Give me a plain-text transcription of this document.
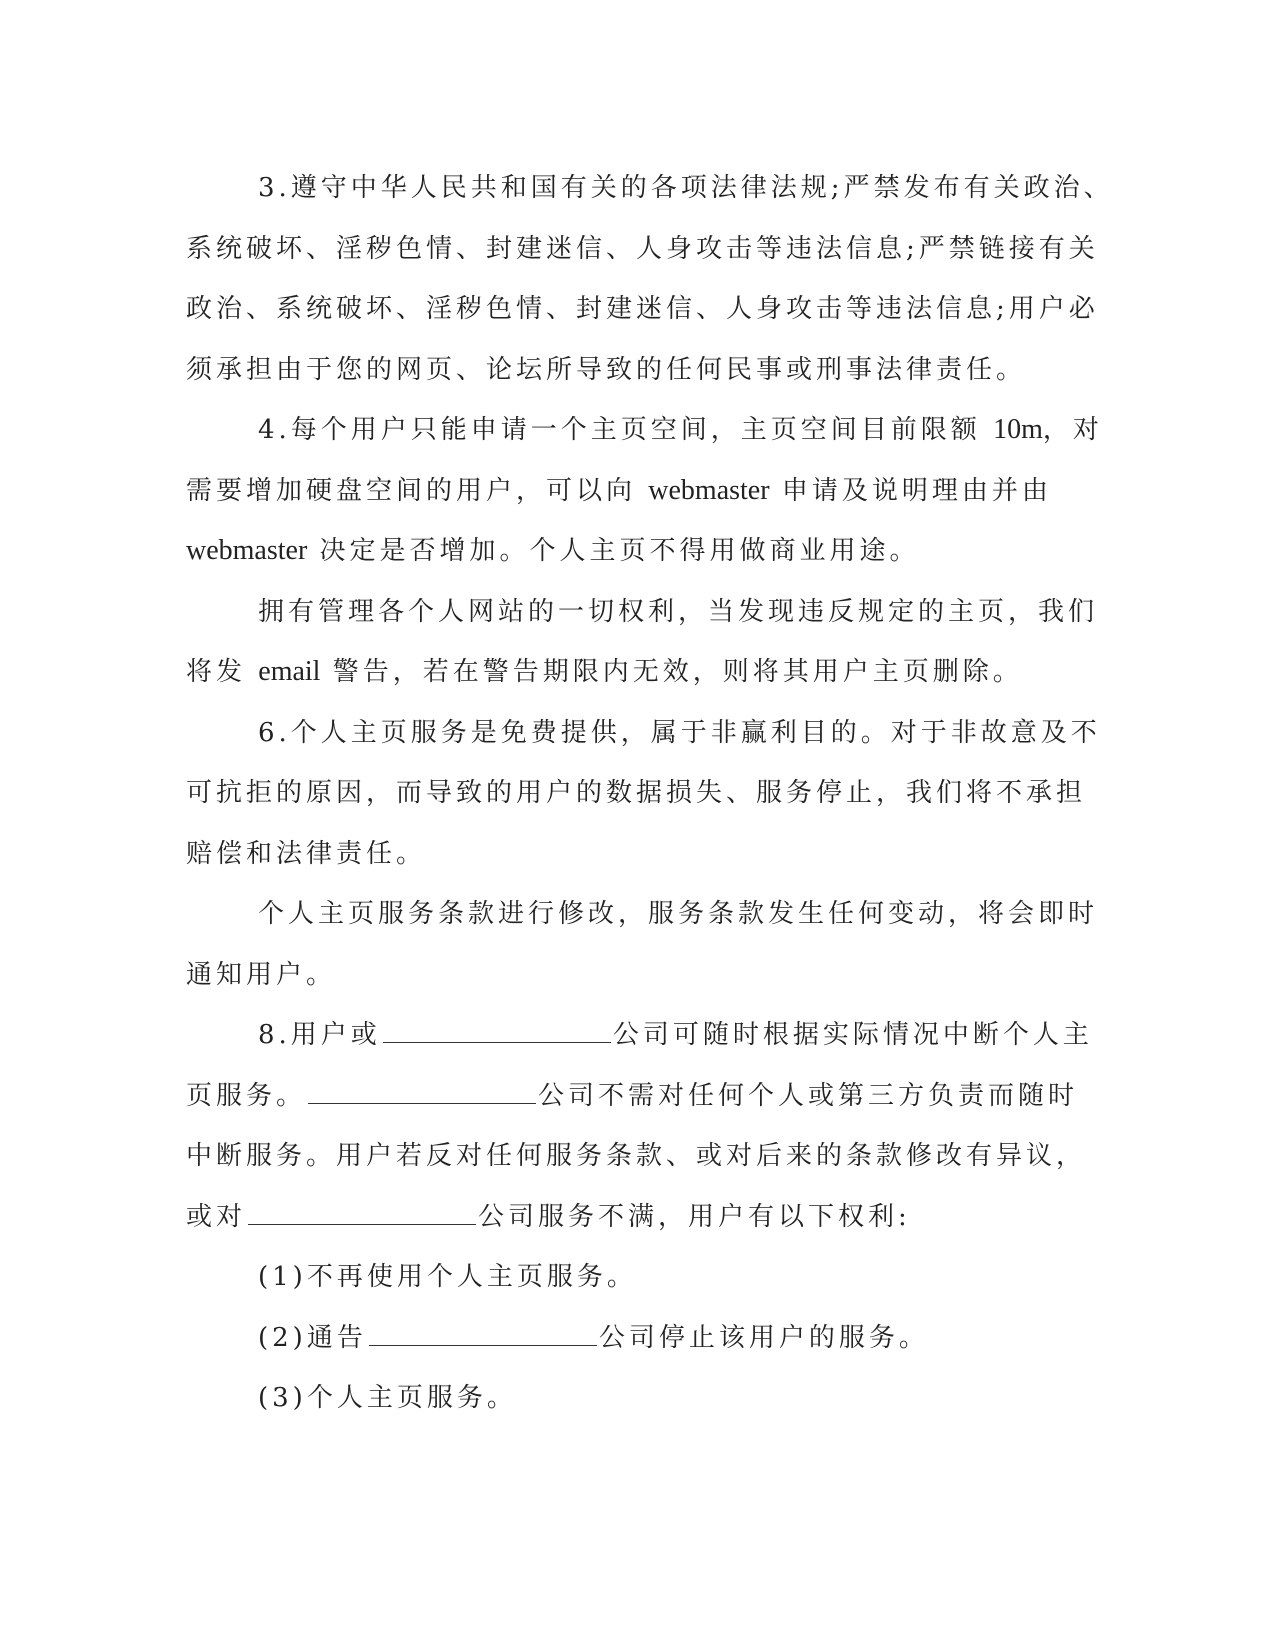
3.遵守中华人民共和国有关的各项法律法规;严禁发布有关政治、
系统破坏、淫秽色情、封建迷信、人身攻击等违法信息;严禁链接有关
政治、系统破坏、淫秽色情、封建迷信、人身攻击等违法信息;用户必
须承担由于您的网页、论坛所导致的任何民事或刑事法律责任。

4.每个用户只能申请一个主页空间，主页空间目前限额 10m，对
需要增加硬盘空间的用户，可以向 webmaster 申请及说明理由并由
webmaster 决定是否增加。个人主页不得用做商业用途。

拥有管理各个人网站的一切权利，当发现违反规定的主页，我们
将发 email 警告，若在警告期限内无效，则将其用户主页删除。

6.个人主页服务是免费提供，属于非赢利目的。对于非故意及不
可抗拒的原因，而导致的用户的数据损失、服务停止，我们将不承担
赔偿和法律责任。

个人主页服务条款进行修改，服务条款发生任何变动，将会即时
通知用户。

8.用户或	公司可随时根据实际情况中断个人主
页服务。	公司不需对任何个人或第三方负责而随时
中断服务。用户若反对任何服务条款、或对后来的条款修改有异议，
或对	公司服务不满，用户有以下权利:

(1)不再使用个人主页服务。

(2)通告	公司停止该用户的服务。

(3)个人主页服务。
